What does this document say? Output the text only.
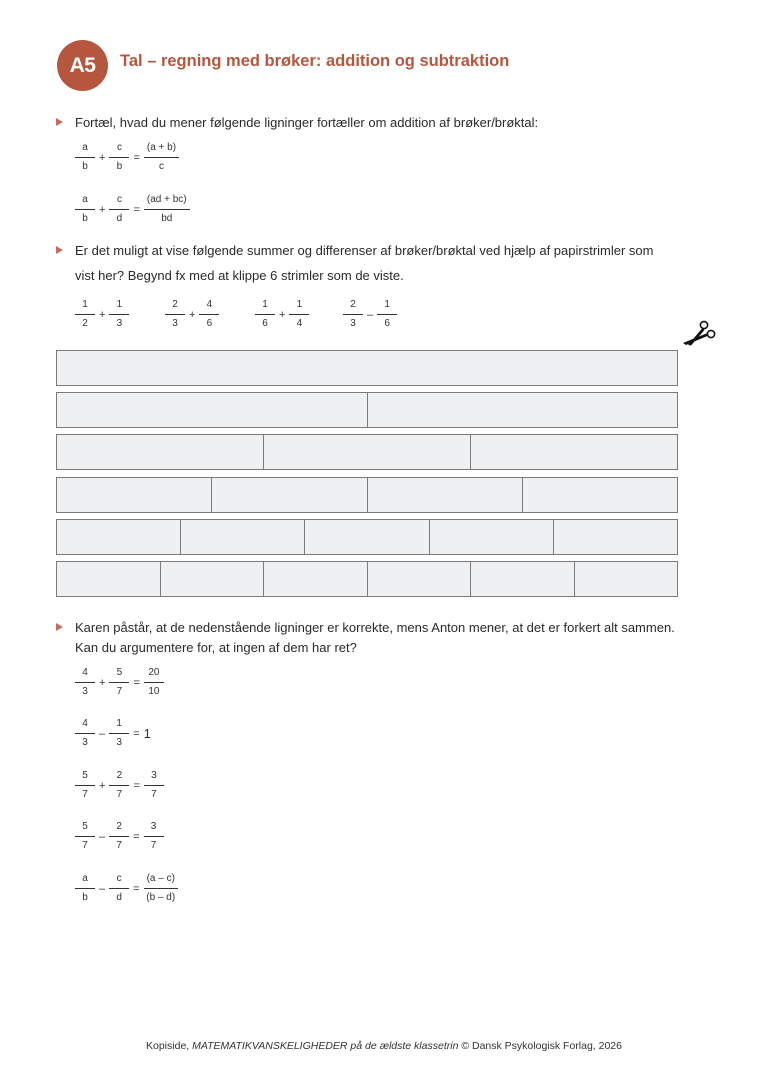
A5 Tal – regning med brøker: addition og subtraktion
Fortæl, hvad du mener følgende ligninger fortæller om addition af brøker/brøktal:
$\frac{a}{b} + \frac{c}{b} = \frac{(a + b)}{c}$
$\frac{a}{b} + \frac{c}{d} = \frac{(ad + bc)}{bd}$
Er det muligt at vise følgende summer og differenser af brøker/brøktal ved hjælp af papirstrimler som
vist her? Begynd fx med at klippe 6 strimler som de viste.
$\frac{1}{2} + \frac{1}{3}$	$\frac{2}{3} + \frac{4}{6}$	$\frac{1}{6} + \frac{1}{4}$	$\frac{2}{3} - \frac{1}{6}$
Karen påstår, at de nedenstående ligninger er korrekte, mens Anton mener, at det er forkert alt sammen.
Kan du argumentere for, at ingen af dem har ret?
$\frac{4}{3} + \frac{5}{7} = \frac{20}{10}$
$\frac{4}{3} - \frac{1}{3} = 1$
$\frac{5}{7} + \frac{2}{7} = \frac{3}{7}$
$\frac{5}{7} - \frac{2}{7} = \frac{3}{7}$
$\frac{a}{b} - \frac{c}{d} = \frac{(a - c)}{(b - d)}$
Kopiside, MATEMATIKVANSKELIGHEDER på de ældste klassetrin © Dansk Psykologisk Forlag, 2026
